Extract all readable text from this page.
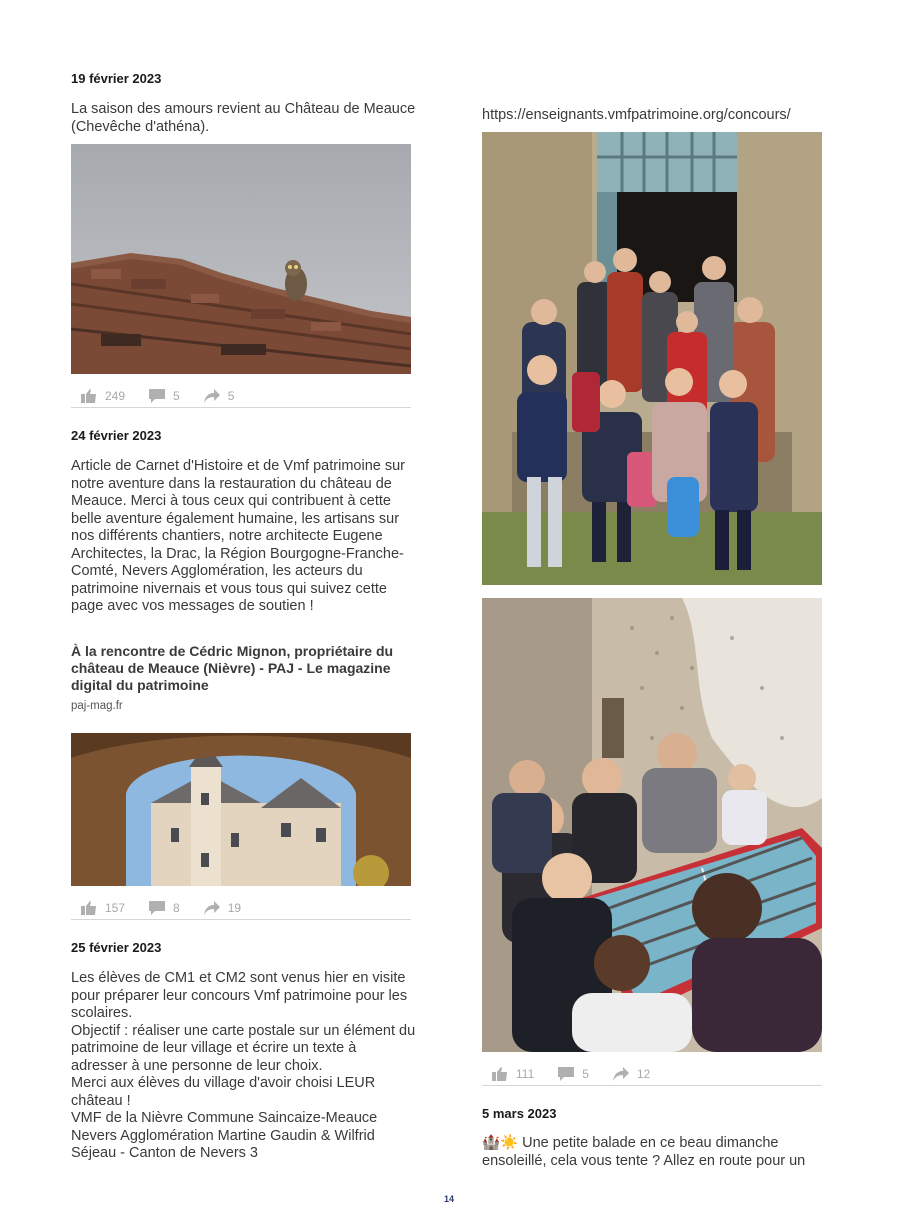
19 février 2023
La saison des amours revient au Château de Meauce (Chevêche d'athéna).
249	5	5
24 février 2023
Article de Carnet d'Histoire et de Vmf patrimoine sur notre aventure dans la restauration du château de Meauce. Merci à tous ceux qui contribuent à cette belle aventure également humaine, les artisans sur nos différents chantiers, notre architecte Eugene Architectes, la Drac, la Région Bourgogne-Franche-Comté, Nevers Agglomération, les acteurs du patrimoine nivernais et vous tous qui suivez cette page avec vos messages de soutien !
À la rencontre de Cédric Mignon, propriétaire du château de Meauce (Nièvre) - PAJ - Le magazine digital du patrimoine
paj-mag.fr
157	8	19
25 février 2023
Les élèves de CM1 et CM2 sont venus hier en visite pour préparer leur concours Vmf patrimoine pour les scolaires.
Objectif : réaliser une carte postale sur un élément du patrimoine de leur village et écrire un texte à adresser à une personne de leur choix.
Merci aux élèves du village d'avoir choisi LEUR château !
VMF de la Nièvre Commune Saincaize-Meauce Nevers Agglomération Martine Gaudin & Wilfrid Séjeau - Canton de Nevers 3
https://enseignants.vmfpatrimoine.org/concours/
111	5	12
5 mars 2023
🏰☀️ Une petite balade en ce beau dimanche ensoleillé, cela vous tente ? Allez en route pour un
14
